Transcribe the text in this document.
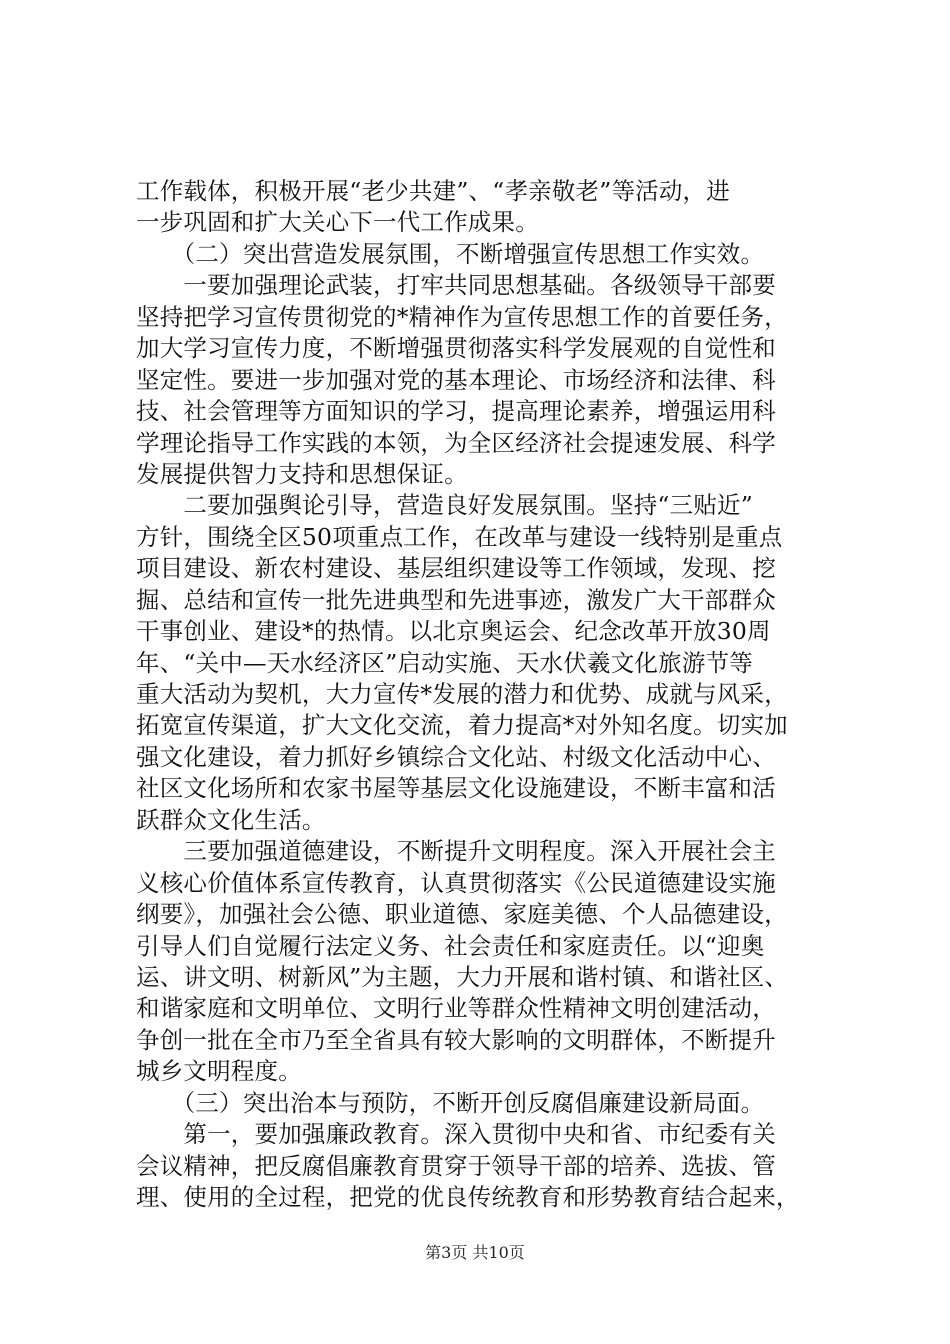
工作载体，积极开展“老少共建”、“孝亲敬老”等活动，进
一步巩固和扩大关心下一代工作成果。
　　（二）突出营造发展氛围，不断增强宣传思想工作实效。
　　一要加强理论武装，打牢共同思想基础。各级领导干部要
坚持把学习宣传贯彻党的*精神作为宣传思想工作的首要任务，
加大学习宣传力度，不断增强贯彻落实科学发展观的自觉性和
坚定性。要进一步加强对党的基本理论、市场经济和法律、科
技、社会管理等方面知识的学习，提高理论素养，增强运用科
学理论指导工作实践的本领，为全区经济社会提速发展、科学
发展提供智力支持和思想保证。
　　二要加强舆论引导，营造良好发展氛围。坚持“三贴近”
方针，围绕全区50项重点工作，在改革与建设一线特别是重点
项目建设、新农村建设、基层组织建设等工作领域，发现、挖
掘、总结和宣传一批先进典型和先进事迹，激发广大干部群众
干事创业、建设*的热情。以北京奥运会、纪念改革开放30周
年、“关中—天水经济区”启动实施、天水伏羲文化旅游节等
重大活动为契机，大力宣传*发展的潜力和优势、成就与风采，
拓宽宣传渠道，扩大文化交流，着力提高*对外知名度。切实加
强文化建设，着力抓好乡镇综合文化站、村级文化活动中心、
社区文化场所和农家书屋等基层文化设施建设，不断丰富和活
跃群众文化生活。
　　三要加强道德建设，不断提升文明程度。深入开展社会主
义核心价值体系宣传教育，认真贯彻落实《公民道德建设实施
纲要》，加强社会公德、职业道德、家庭美德、个人品德建设，
引导人们自觉履行法定义务、社会责任和家庭责任。以“迎奥
运、讲文明、树新风”为主题，大力开展和谐村镇、和谐社区、
和谐家庭和文明单位、文明行业等群众性精神文明创建活动，
争创一批在全市乃至全省具有较大影响的文明群体，不断提升
城乡文明程度。
　　（三）突出治本与预防，不断开创反腐倡廉建设新局面。
　　第一，要加强廉政教育。深入贯彻中央和省、市纪委有关
会议精神，把反腐倡廉教育贯穿于领导干部的培养、选拔、管
理、使用的全过程，把党的优良传统教育和形势教育结合起来，
第3页 共10页
